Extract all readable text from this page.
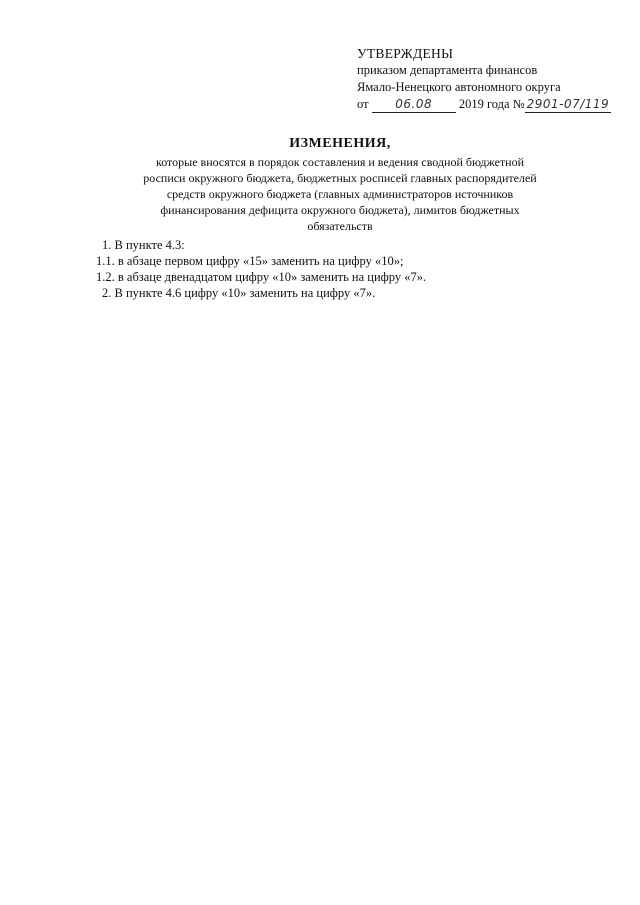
УТВЕРЖДЕНЫ
приказом департамента финансов
Ямало-Ненецкого автономного округа
от 06.08 2019 года № 2901-07/119
ИЗМЕНЕНИЯ,
которые вносятся в порядок составления и ведения сводной бюджетной
росписи окружного бюджета, бюджетных росписей главных распорядителей
средств окружного бюджета (главных администраторов источников
финансирования дефицита окружного бюджета), лимитов бюджетных
обязательств
1. В пункте 4.3:
1.1. в абзаце первом цифру «15» заменить на цифру «10»;
1.2. в абзаце двенадцатом цифру «10» заменить на цифру «7».
2. В пункте 4.6 цифру «10» заменить на цифру «7».
